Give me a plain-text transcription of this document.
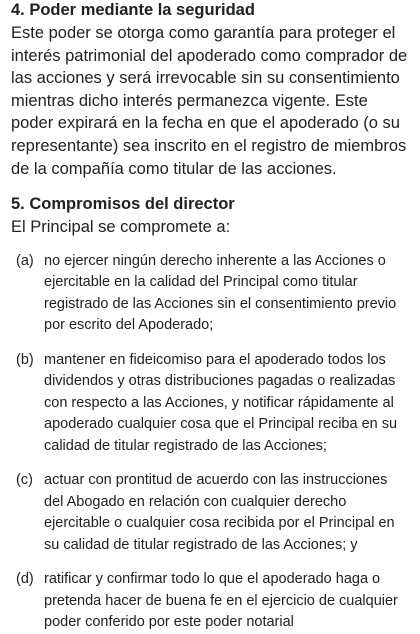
4. Poder mediante la seguridad

Este poder se otorga como garantía para proteger el interés patrimonial del apoderado como comprador de las acciones y será irrevocable sin su consentimiento mientras dicho interés permanezca vigente. Este poder expirará en la fecha en que el apoderado (o su representante) sea inscrito en el registro de miembros de la compañía como titular de las acciones.

5. Compromisos del director

El Principal se compromete a:

(a) no ejercer ningún derecho inherente a las Acciones o ejercitable en la calidad del Principal como titular registrado de las Acciones sin el consentimiento previo por escrito del Apoderado;
(b) mantener en fideicomiso para el apoderado todos los dividendos y otras distribuciones pagadas o realizadas con respecto a las Acciones, y notificar rápidamente al apoderado cualquier cosa que el Principal reciba en su calidad de titular registrado de las Acciones;
(c) actuar con prontitud de acuerdo con las instrucciones del Abogado en relación con cualquier derecho ejercitable o cualquier cosa recibida por el Principal en su calidad de titular registrado de las Acciones; y
(d) ratificar y confirmar todo lo que el apoderado haga o pretenda hacer de buena fe en el ejercicio de cualquier poder conferido por este poder notarial
